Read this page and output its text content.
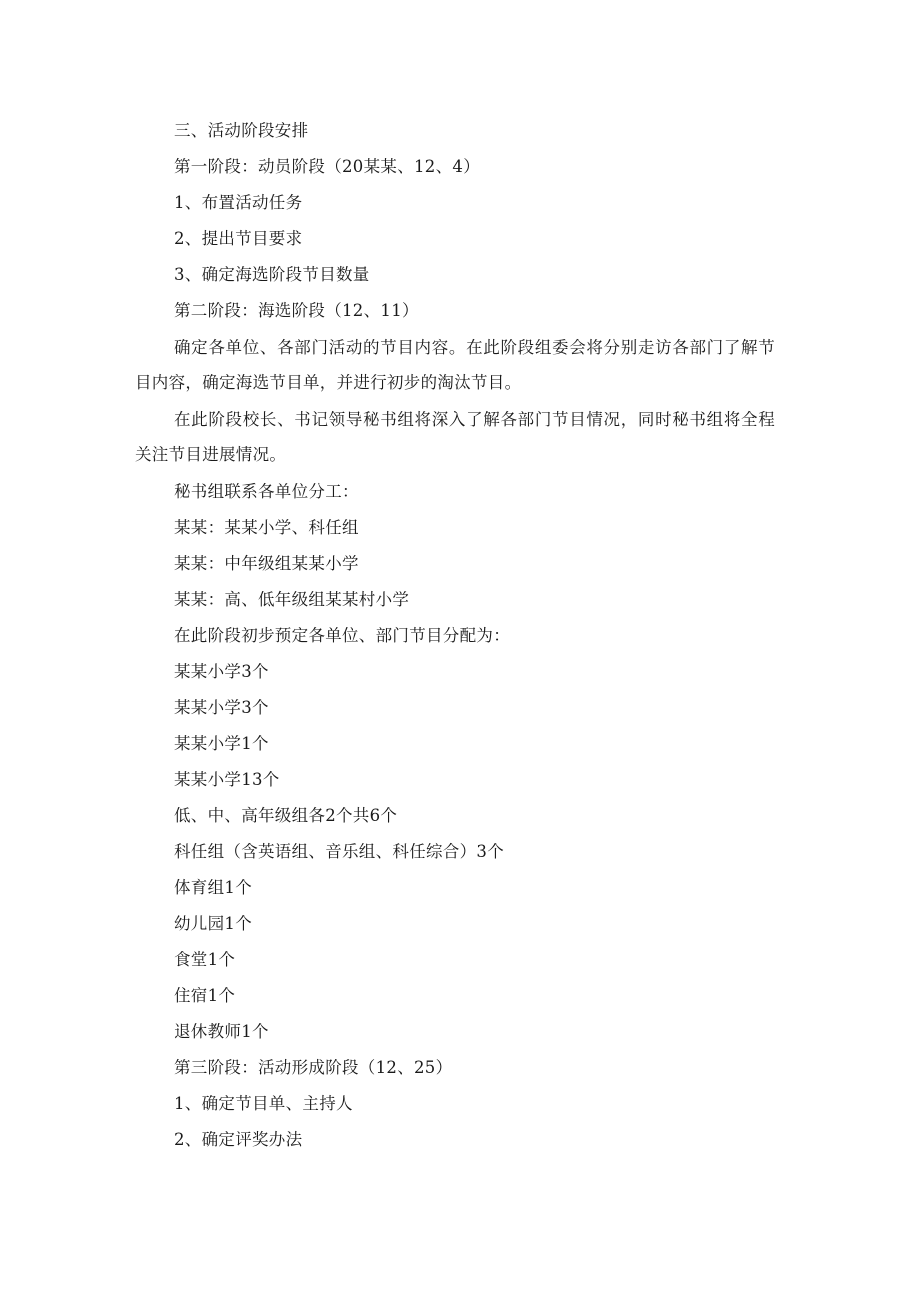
三、活动阶段安排
第一阶段：动员阶段（20某某、12、4）
1、布置活动任务
2、提出节目要求
3、确定海选阶段节目数量
第二阶段：海选阶段（12、11）
确定各单位、各部门活动的节目内容。在此阶段组委会将分别走访各部门了解节目内容，确定海选节目单，并进行初步的淘汰节目。
在此阶段校长、书记领导秘书组将深入了解各部门节目情况，同时秘书组将全程关注节目进展情况。
秘书组联系各单位分工：
某某：某某小学、科任组
某某：中年级组某某小学
某某：高、低年级组某某村小学
在此阶段初步预定各单位、部门节目分配为：
某某小学3个
某某小学3个
某某小学1个
某某小学13个
低、中、高年级组各2个共6个
科任组（含英语组、音乐组、科任综合）3个
体育组1个
幼儿园1个
食堂1个
住宿1个
退休教师1个
第三阶段：活动形成阶段（12、25）
1、确定节目单、主持人
2、确定评奖办法
